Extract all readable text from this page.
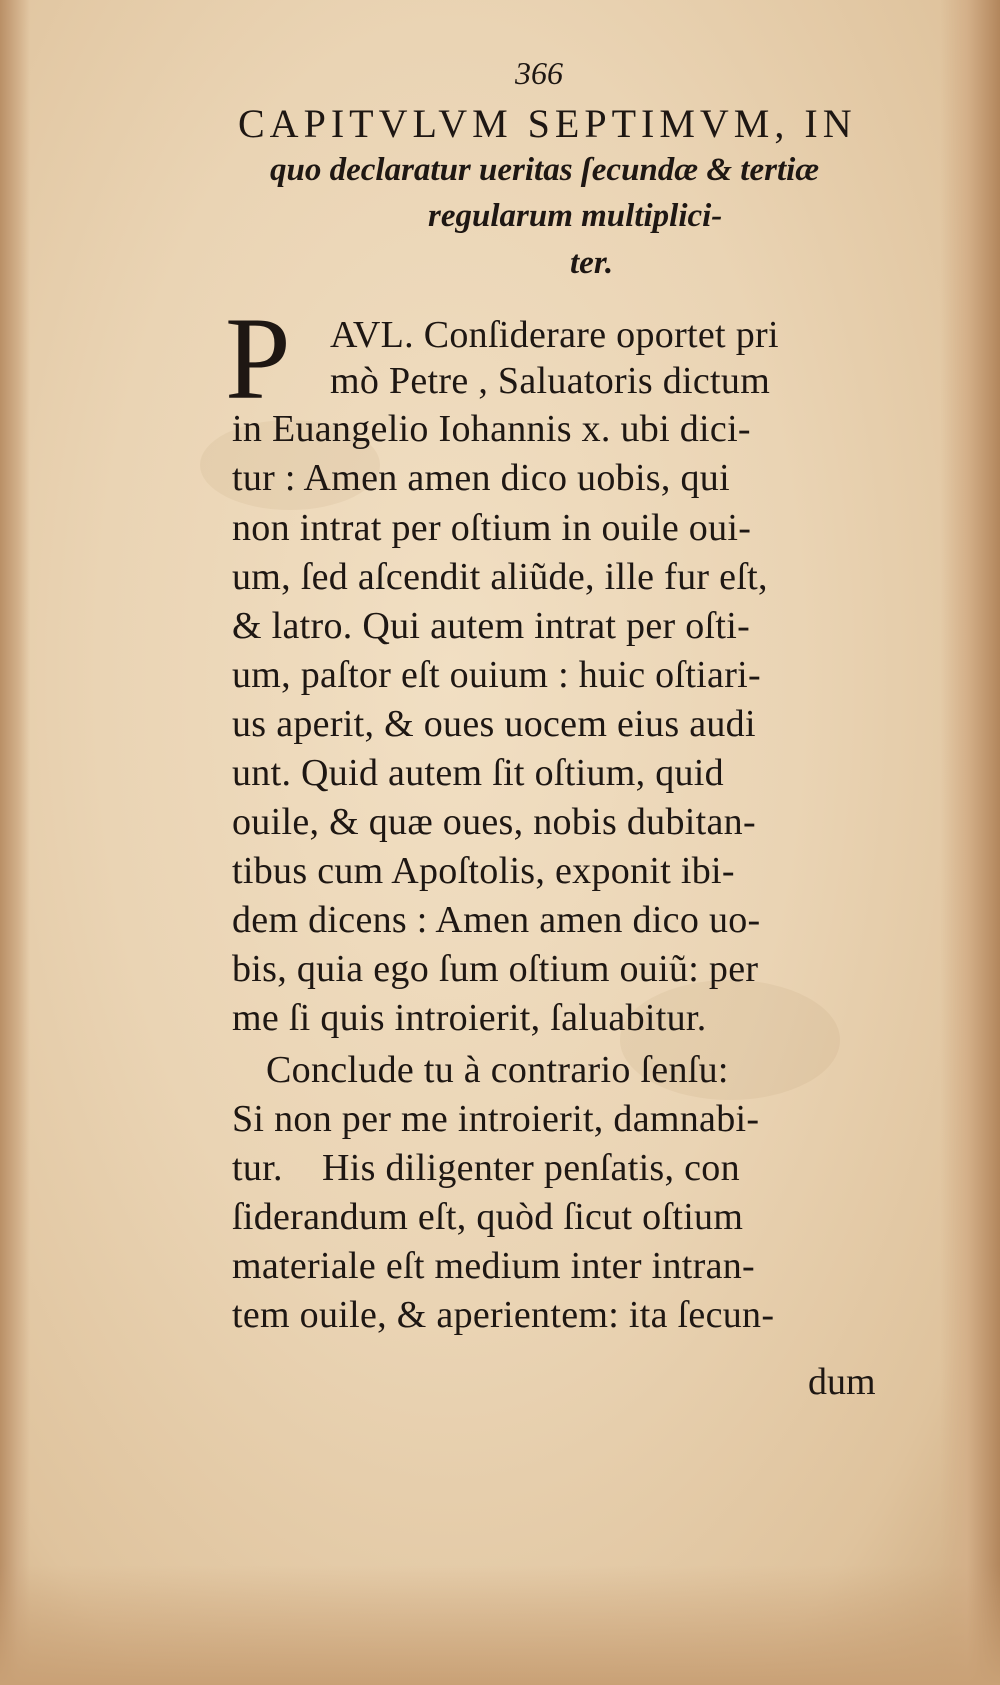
366
CAPITVLVM SEPTIMVM, IN
quo declaratur ueritas ſecundæ & tertiæ
regularum multiplici-
ter.
P AVL. Conſiderare oportet pri
mò Petre , Saluatoris dictum
in Euangelio Iohannis x. ubi dici-
tur : Amen amen dico uobis, qui
non intrat per oſtium in ouile oui-
um, ſed aſcendit aliũde, ille fur eſt,
& latro. Qui autem intrat per oſti-
um, paſtor eſt ouium : huic oſtiari-
us aperit, & oues uocem eius audi
unt. Quid autem ſit oſtium, quid
ouile, & quæ oues, nobis dubitan-
tibus cum Apoſtolis, exponit ibi-
dem dicens : Amen amen dico uo-
bis, quia ego ſum oſtium ouiũ: per
me ſi quis introierit, ſaluabitur.
Conclude tu à contrario ſenſu:
Si non per me introierit, damnabi-
tur.    His diligenter penſatis, con
ſiderandum eſt, quòd ſicut oſtium
materiale eſt medium inter intran-
tem ouile, & aperientem: ita ſecun-
dum
